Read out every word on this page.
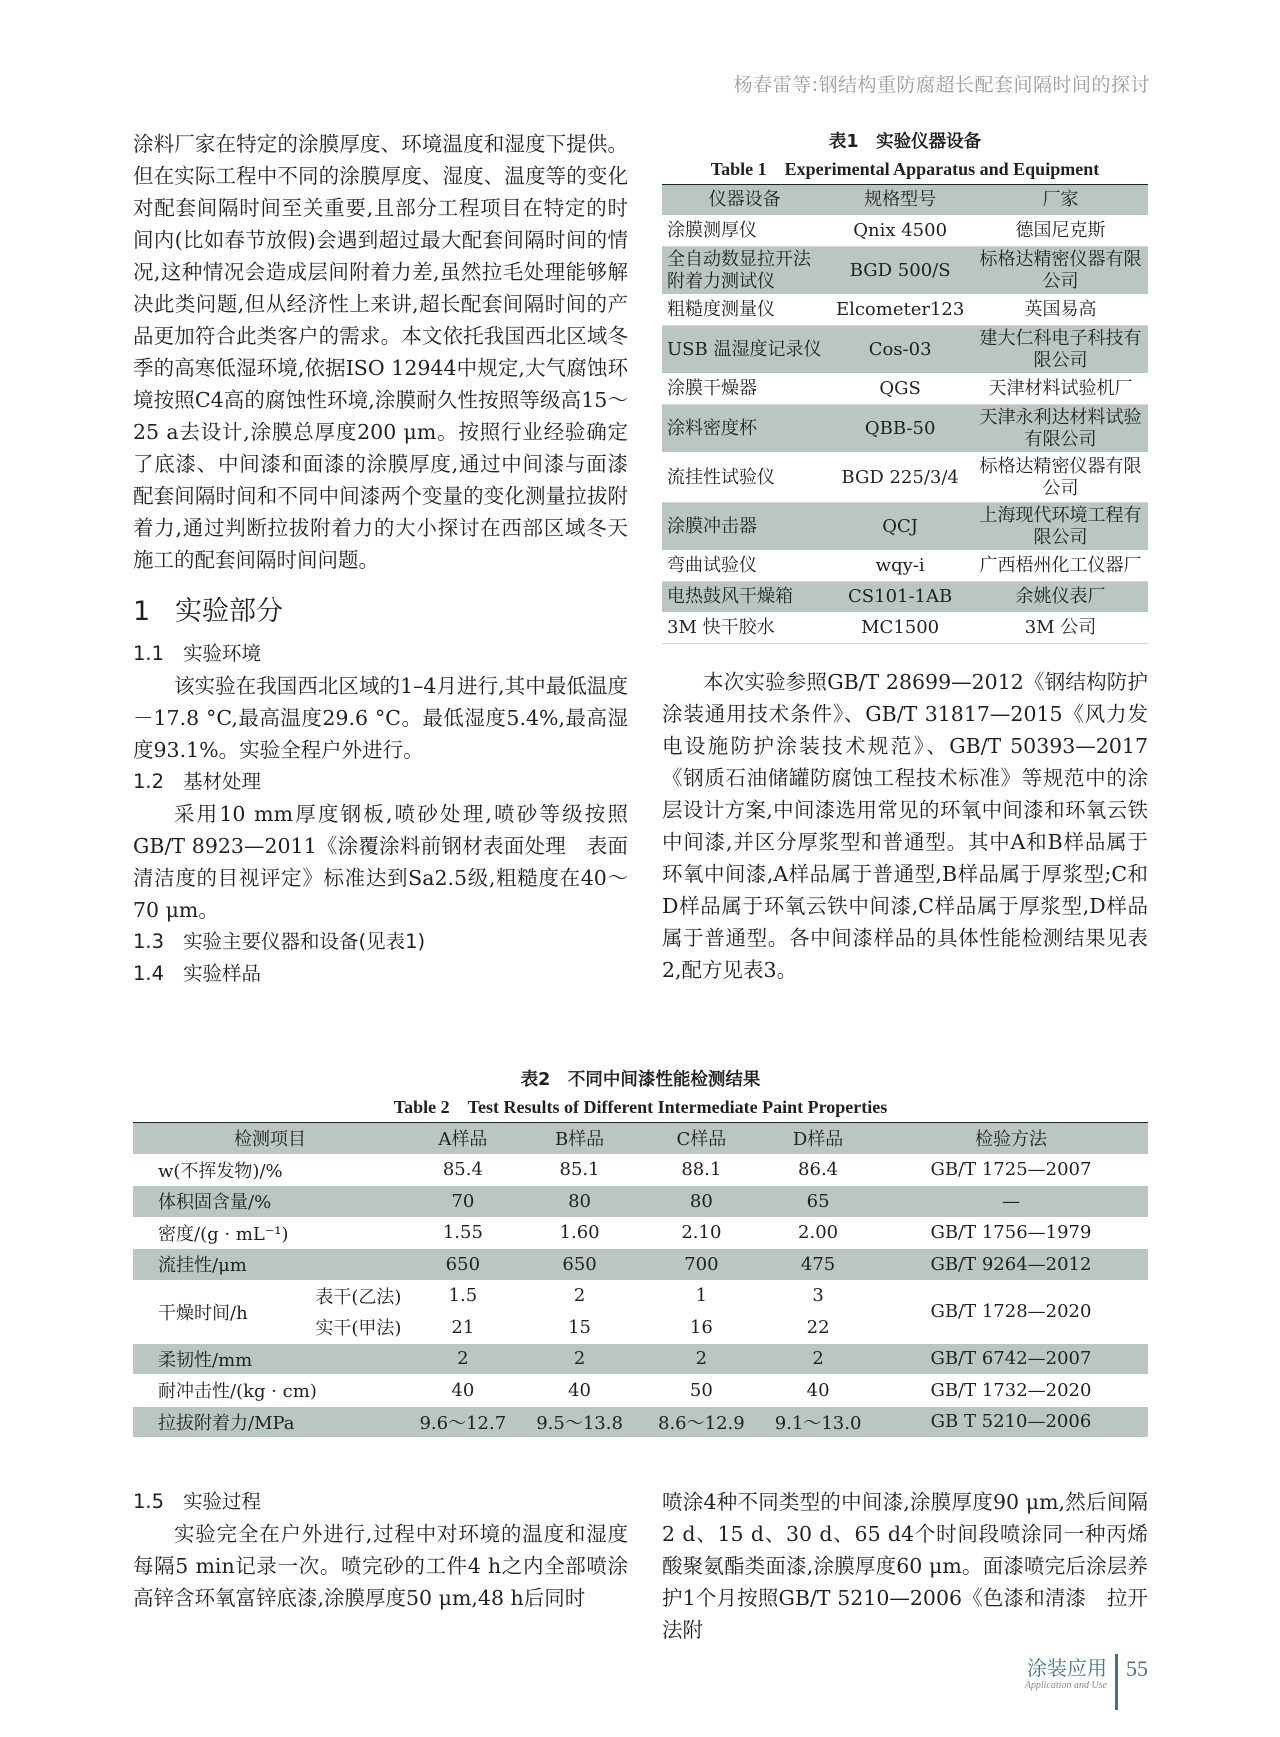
杨春雷等:钢结构重防腐超长配套间隔时间的探讨

涂料厂家在特定的涂膜厚度、环境温度和湿度下提供。但在实际工程中不同的涂膜厚度、湿度、温度等的变化对配套间隔时间至关重要,且部分工程项目在特定的时间内(比如春节放假)会遇到超过最大配套间隔时间的情况,这种情况会造成层间附着力差,虽然拉毛处理能够解决此类问题,但从经济性上来讲,超长配套间隔时间的产品更加符合此类客户的需求。本文依托我国西北区域冬季的高寒低湿环境,依据ISO 12944中规定,大气腐蚀环境按照C4高的腐蚀性环境,涂膜耐久性按照等级高15～25 a去设计,涂膜总厚度200 μm。按照行业经验确定了底漆、中间漆和面漆的涂膜厚度,通过中间漆与面漆配套间隔时间和不同中间漆两个变量的变化测量拉拔附着力,通过判断拉拔附着力的大小探讨在西部区域冬天施工的配套间隔时间问题。

1 实验部分
1.1 实验环境

该实验在我国西北区域的1–4月进行,其中最低温度－17.8 °C,最高温度29.6 °C。最低湿度5.4%,最高湿度93.1%。实验全程户外进行。

1.2 基材处理

采用10 mm厚度钢板,喷砂处理,喷砂等级按照GB/T 8923—2011《涂覆涂料前钢材表面处理　表面清洁度的目视评定》标准达到Sa2.5级,粗糙度在40～70 μm。

1.3 实验主要仪器和设备(见表1)
1.4 实验样品
表1　实验仪器设备
Table 1　Experimental Apparatus and Equipment
仪器设备	规格型号	厂家
涂膜测厚仪	Qnix 4500	德国尼克斯
全自动数显拉开法附着力测试仪	BGD 500/S	标格达精密仪器有限公司
粗糙度测量仪	Elcometer123	英国易高
USB 温湿度记录仪	Cos-03	建大仁科电子科技有限公司
涂膜干燥器	QGS	天津材料试验机厂
涂料密度杯	QBB-50	天津永利达材料试验有限公司
流挂性试验仪	BGD 225/3/4	标格达精密仪器有限公司
涂膜冲击器	QCJ	上海现代环境工程有限公司
弯曲试验仪	wqy-i	广西梧州化工仪器厂
电热鼓风干燥箱	CS101-1AB	余姚仪表厂
3M 快干胶水	MC1500	3M 公司

本次实验参照GB/T 28699—2012《钢结构防护涂装通用技术条件》、GB/T 31817—2015《风力发电设施防护涂装技术规范》、GB/T 50393—2017《钢质石油储罐防腐蚀工程技术标准》等规范中的涂层设计方案,中间漆选用常见的环氧中间漆和环氧云铁中间漆,并区分厚浆型和普通型。其中A和B样品属于环氧中间漆,A样品属于普通型,B样品属于厚浆型;C和D样品属于环氧云铁中间漆,C样品属于厚浆型,D样品属于普通型。各中间漆样品的具体性能检测结果见表2,配方见表3。

表2　不同中间漆性能检测结果
Table 2　Test Results of Different Intermediate Paint Properties
检测项目		A样品	B样品	C样品	D样品	检验方法
w(不挥发物)/%		85.4	85.1	88.1	86.4	GB/T 1725—2007
体积固含量/%		70	80	80	65	—
密度/(g · mL⁻¹)		1.55	1.60	2.10	2.00	GB/T 1756—1979
流挂性/μm		650	650	700	475	GB/T 9264—2012
干燥时间/h	表干(乙法)	1.5	2	1	3	GB/T 1728—2020
	实干(甲法)	21	15	16	22	
柔韧性/mm		2	2	2	2	GB/T 6742—2007
耐冲击性/(kg · cm)		40	40	50	40	GB/T 1732—2020
拉拔附着力/MPa		9.6～12.7	9.5～13.8	8.6～12.9	9.1～13.0	GB T 5210—2006
1.5 实验过程

实验完全在户外进行,过程中对环境的温度和湿度每隔5 min记录一次。喷完砂的工件4 h之内全部喷涂高锌含环氧富锌底漆,涂膜厚度50 μm,48 h后同时

喷涂4种不同类型的中间漆,涂膜厚度90 μm,然后间隔2 d、15 d、30 d、65 d4个时间段喷涂同一种丙烯酸聚氨酯类面漆,涂膜厚度60 μm。面漆喷完后涂层养护1个月按照GB/T 5210—2006《色漆和清漆　拉开法附

涂装应用
Application and Use
55
